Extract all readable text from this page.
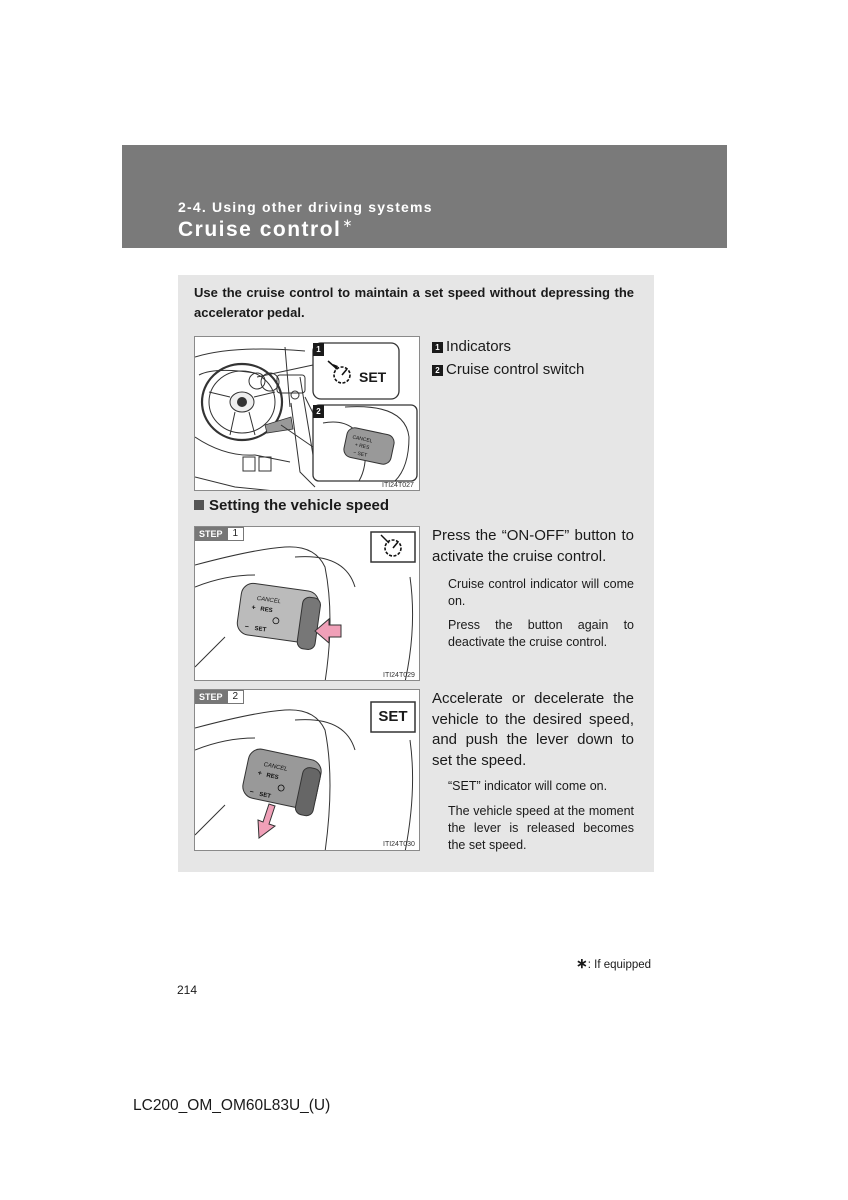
2-4. Using other driving systems
Cruise control∗
Use the cruise control to maintain a set speed without depressing the accelerator pedal.
CANCEL
+ RES
− SET
1
2
SET
ITI24T027
1 Indicators
2 Cruise control switch
Setting the vehicle speed
CANCEL
+ RES
− SET
STEP	1
ITI24T029
Press the “ON-OFF” button to activate the cruise control.
Cruise control indicator will come on.
Press the button again to deactivate the cruise control.
CANCEL
+ RES
− SET
STEP	2
SET
ITI24T030
Accelerate or decelerate the vehicle to the desired speed, and push the lever down to set the speed.
“SET” indicator will come on.
The vehicle speed at the moment the lever is released becomes the set speed.
∗: If equipped
214
LC200_OM_OM60L83U_(U)
